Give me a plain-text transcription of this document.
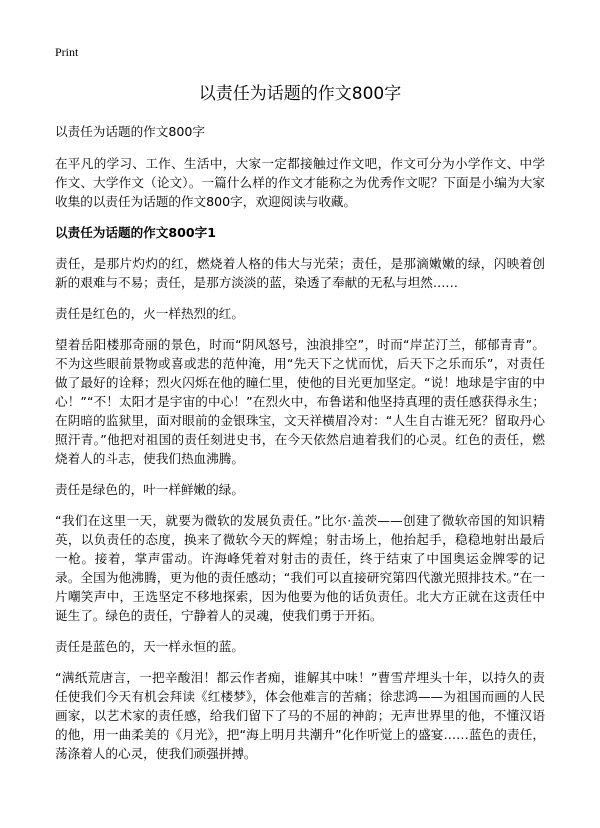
Print
以责任为话题的作文800字

以责任为话题的作文800字

在平凡的学习、工作、生活中，大家一定都接触过作文吧，作文可分为小学作文、中学作文、大学作文（论文）。一篇什么样的作文才能称之为优秀作文呢？下面是小编为大家收集的以责任为话题的作文800字，欢迎阅读与收藏。

以责任为话题的作文800字1

责任，是那片灼灼的红，燃烧着人格的伟大与光荣；责任，是那滴嫩嫩的绿，闪映着创新的艰难与不易；责任，是那方淡淡的蓝，染透了奉献的无私与坦然……

责任是红色的，火一样热烈的红。

望着岳阳楼那奇丽的景色，时而“阴风怒号，浊浪排空”，时而“岸芷汀兰，郁郁青青”。不为这些眼前景物或喜或悲的范仲淹，用“先天下之忧而忧，后天下之乐而乐”，对责任做了最好的诠释；烈火闪烁在他的瞳仁里，使他的目光更加坚定。“说！地球是宇宙的中心！”“不！太阳才是宇宙的中心！”在烈火中，布鲁诺和他坚持真理的责任感获得永生；在阴暗的监狱里，面对眼前的金银珠宝，文天祥横眉冷对：“人生自古谁无死？留取丹心照汗青。”他把对祖国的责任刻进史书，在今天依然启迪着我们的心灵。红色的责任，燃烧着人的斗志，使我们热血沸腾。

责任是绿色的，叶一样鲜嫩的绿。

“我们在这里一天，就要为微软的发展负责任。”比尔·盖茨——创建了微软帝国的知识精英，以负责任的态度，换来了微软今天的辉煌；射击场上，他抬起手，稳稳地射出最后一枪。接着，掌声雷动。许海峰凭着对射击的责任，终于结束了中国奥运金牌零的记录。全国为他沸腾，更为他的责任感动；“我们可以直接研究第四代激光照排技术。”在一片嘲笑声中，王选坚定不移地探索，因为他要为他的话负责任。北大方正就在这责任中诞生了。绿色的责任，宁静着人的灵魂，使我们勇于开拓。

责任是蓝色的，天一样永恒的蓝。

“满纸荒唐言，一把辛酸泪！都云作者痴，谁解其中味！”曹雪芹埋头十年，以持久的责任使我们今天有机会拜读《红楼梦》，体会他难言的苦痛；徐悲鸿——为祖国而画的人民画家，以艺术家的责任感，给我们留下了马的不屈的神韵；无声世界里的他，不懂汉语的他，用一曲柔美的《月光》，把“海上明月共潮升”化作听觉上的盛宴……蓝色的责任，荡涤着人的心灵，使我们顽强拼搏。
